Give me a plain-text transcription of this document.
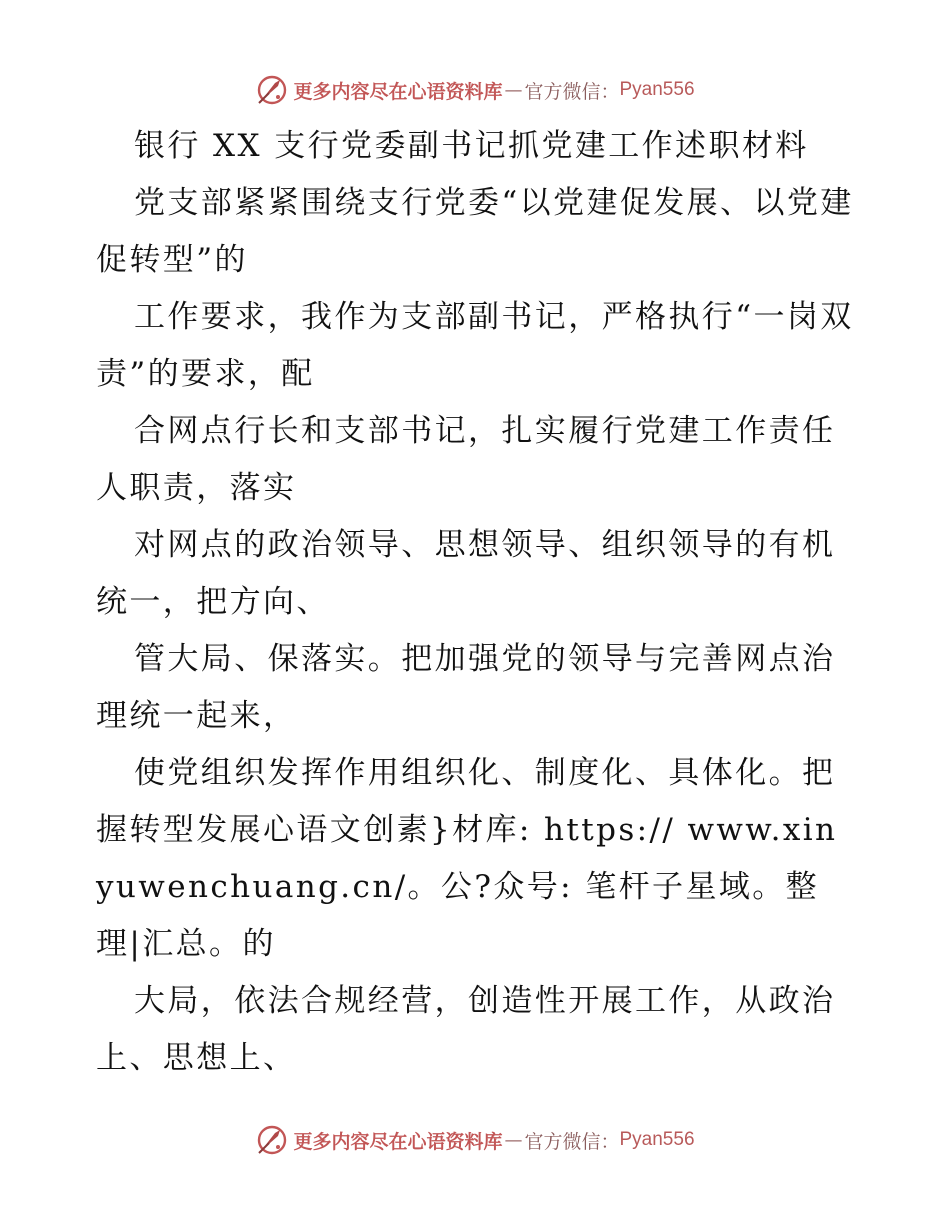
更多内容尽在心语资料库 — 官方微信： Pyan556

银行 XX 支行党委副书记抓党建工作述职材料

党支部紧紧围绕支行党委“以党建促发展、以党建促转型”的

工作要求，我作为支部副书记，严格执行“一岗双责”的要求，配

合网点行长和支部书记，扎实履行党建工作责任人职责，落实

对网点的政治领导、思想领导、组织领导的有机统一，把方向、

管大局、保落实。把加强党的领导与完善网点治理统一起来，

使党组织发挥作用组织化、制度化、具体化。把握转型发展心语文创素}材库: https:// www.xinyuwenchuang.cn/。公?众号: 笔杆子星域。整理|汇总。的

大局，依法合规经营，创造性开展工作，从政治上、思想上、

更多内容尽在心语资料库 — 官方微信： Pyan556
